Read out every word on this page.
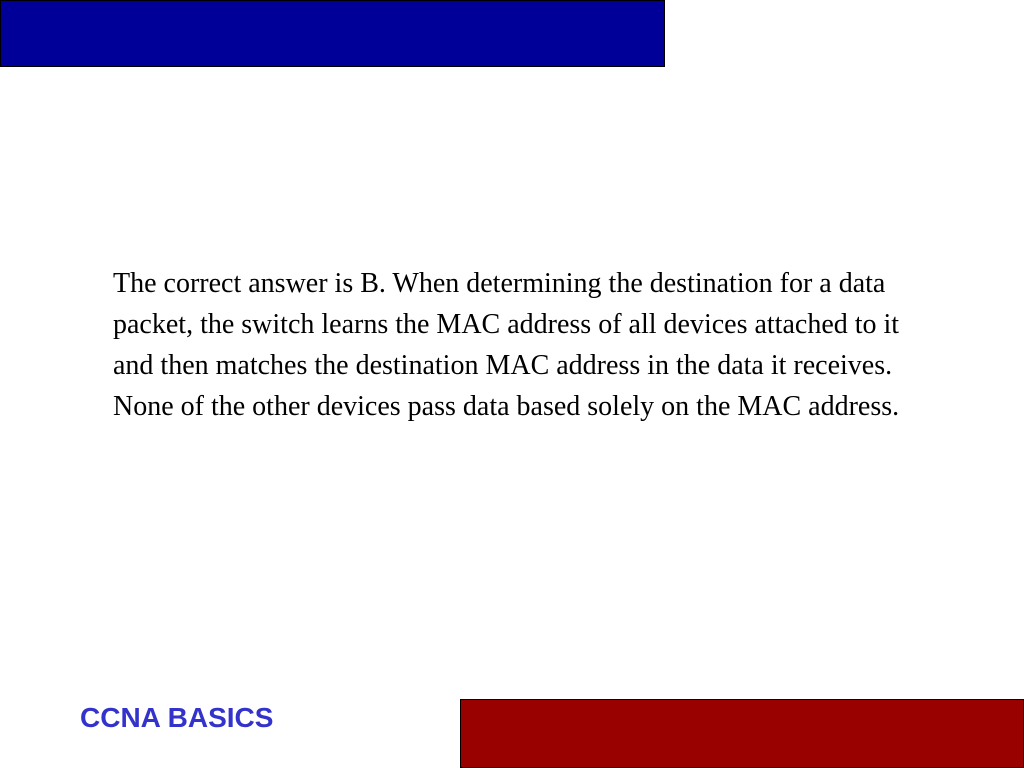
The correct answer is B. When determining the destination for a data packet, the switch learns the MAC address of all devices attached to it and then matches the destination MAC address in the data it receives. None of the other devices pass data based solely on the MAC address.

CCNA BASICS
